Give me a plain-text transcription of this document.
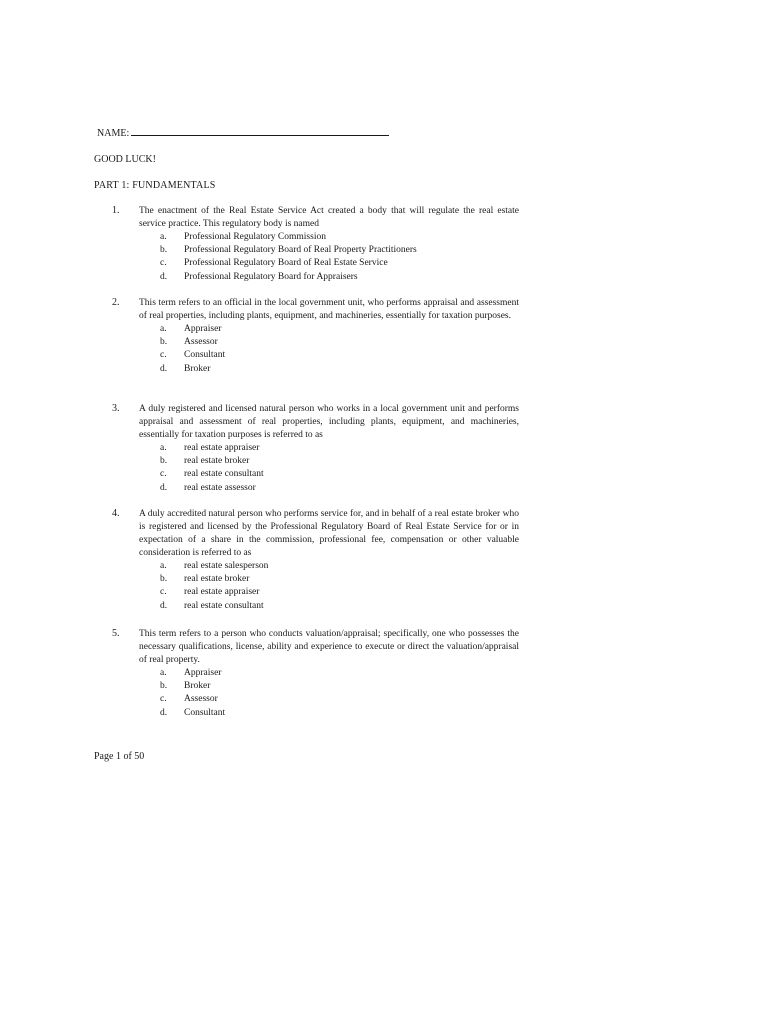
NAME:
GOOD LUCK!
PART 1: FUNDAMENTALS
1. The enactment of the Real Estate Service Act created a body that will regulate the real estate service practice. This regulatory body is named
a. Professional Regulatory Commission
b. Professional Regulatory Board of Real Property Practitioners
c. Professional Regulatory Board of Real Estate Service
d. Professional Regulatory Board for Appraisers
2. This term refers to an official in the local government unit, who performs appraisal and assessment of real properties, including plants, equipment, and machineries, essentially for taxation purposes.
a. Appraiser
b. Assessor
c. Consultant
d. Broker
3. A duly registered and licensed natural person who works in a local government unit and performs appraisal and assessment of real properties, including plants, equipment, and machineries, essentially for taxation purposes is referred to as
a. real estate appraiser
b. real estate broker
c. real estate consultant
d. real estate assessor
4. A duly accredited natural person who performs service for, and in behalf of a real estate broker who is registered and licensed by the Professional Regulatory Board of Real Estate Service for or in expectation of a share in the commission, professional fee, compensation or other valuable consideration is referred to as
a. real estate salesperson
b. real estate broker
c. real estate appraiser
d. real estate consultant
5. This term refers to a person who conducts valuation/appraisal; specifically, one who possesses the necessary qualifications, license, ability and experience to execute or direct the valuation/appraisal of real property.
a. Appraiser
b. Broker
c. Assessor
d. Consultant
Page 1 of 50
